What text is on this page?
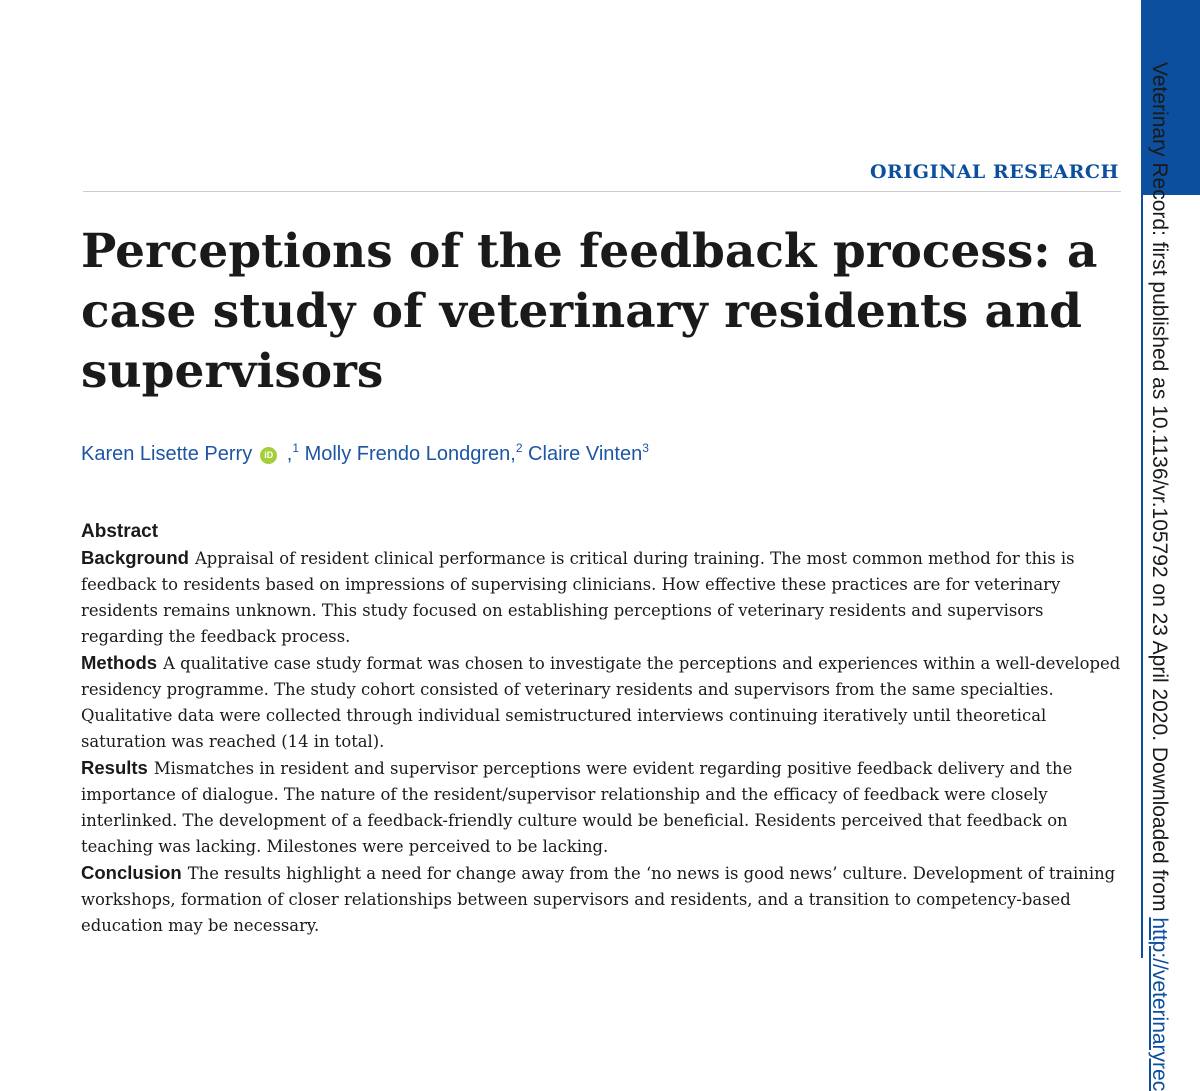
Veterinary Record: first published as 10.1136/vr.105792 on 23 April 2020. Downloaded from http://veterinaryrec
ORIGINAL RESEARCH
Perceptions of the feedback process: a case study of veterinary residents and supervisors
Karen Lisette Perry iD ,$^1$ Molly Frendo Londgren,$^2$ Claire Vinten$^3$

Abstract

Background Appraisal of resident clinical performance is critical during training. The most common method for this is feedback to residents based on impressions of supervising clinicians. How effective these practices are for veterinary residents remains unknown. This study focused on establishing perceptions of veterinary residents and supervisors regarding the feedback process.

Methods A qualitative case study format was chosen to investigate the perceptions and experiences within a well-developed residency programme. The study cohort consisted of veterinary residents and supervisors from the same specialties. Qualitative data were collected through individual semistructured interviews continuing iteratively until theoretical saturation was reached (14 in total).

Results Mismatches in resident and supervisor perceptions were evident regarding positive feedback delivery and the importance of dialogue. The nature of the resident/supervisor relationship and the efficacy of feedback were closely interlinked. The development of a feedback-friendly culture would be beneficial. Residents perceived that feedback on teaching was lacking. Milestones were perceived to be lacking.

Conclusion The results highlight a need for change away from the ‘no news is good news’ culture. Development of training workshops, formation of closer relationships between supervisors and residents, and a transition to competency-based education may be necessary.
